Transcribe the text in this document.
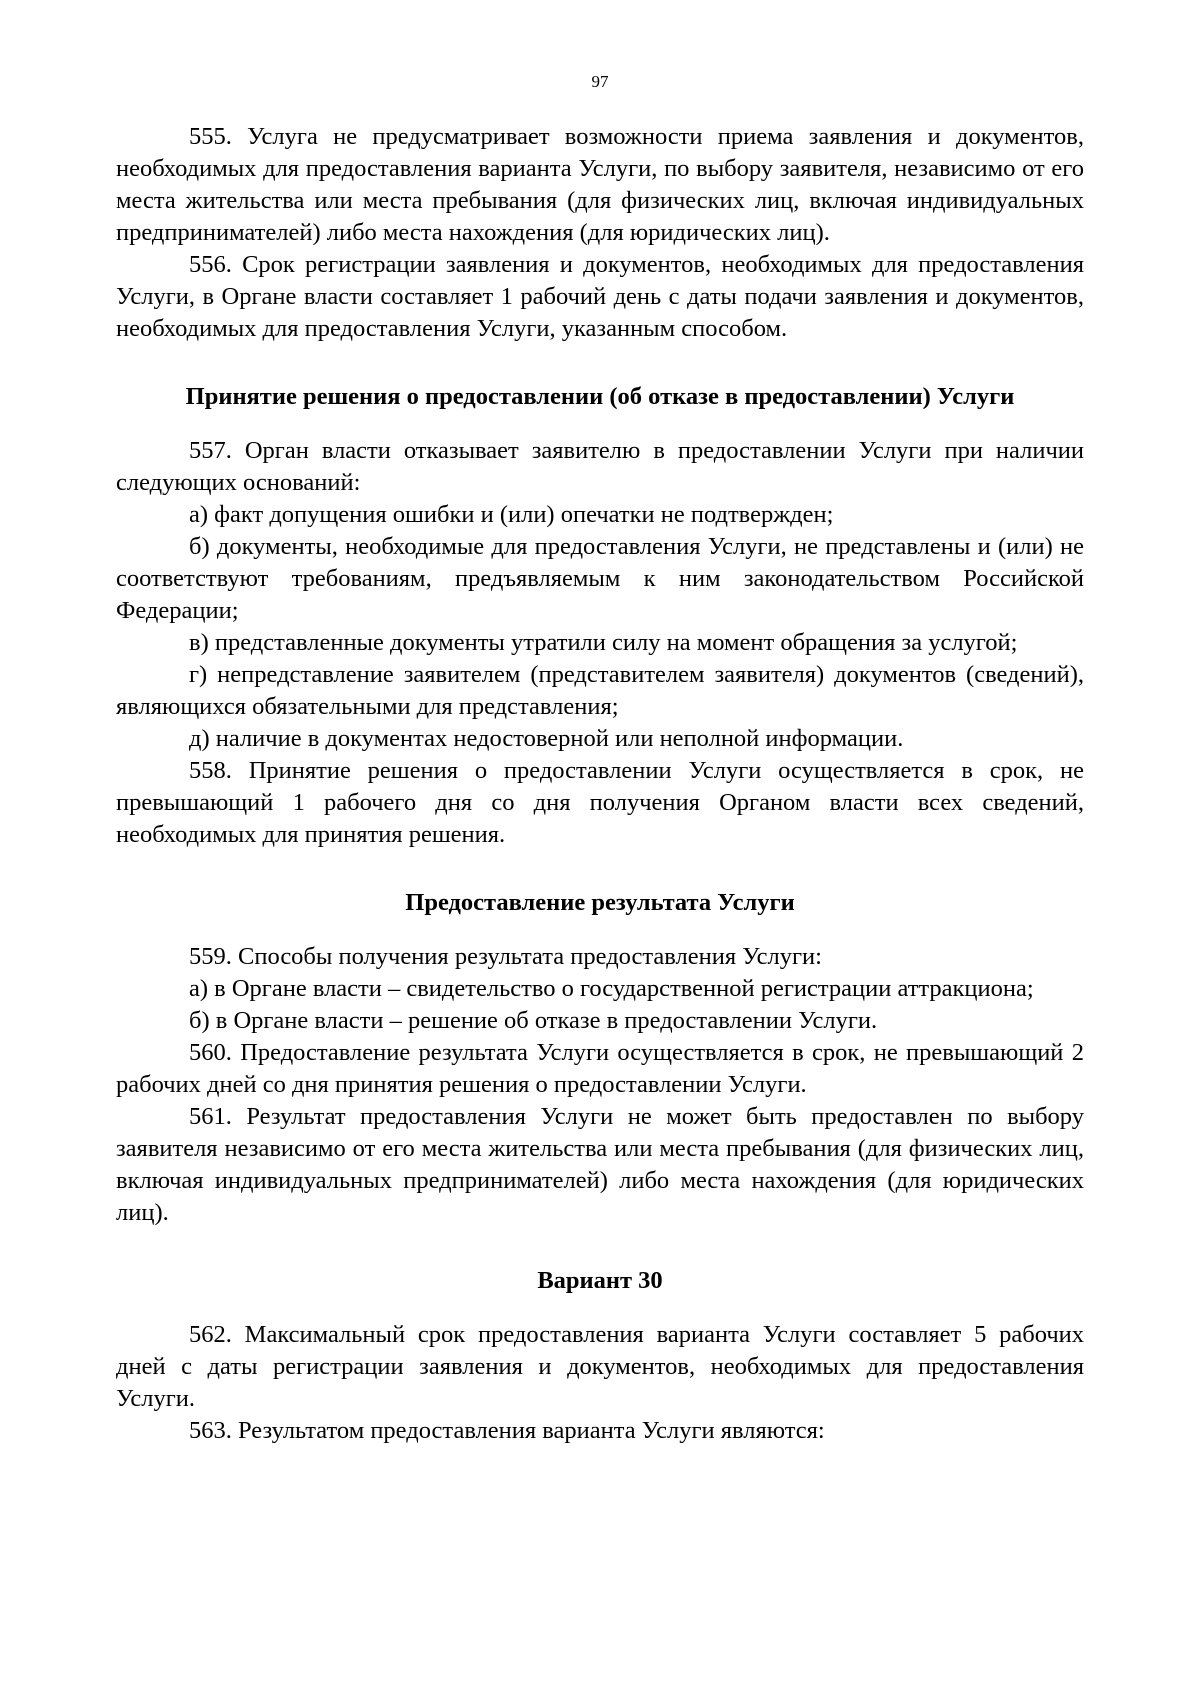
97

555. Услуга не предусматривает возможности приема заявления и документов, необходимых для предоставления варианта Услуги, по выбору заявителя, независимо от его места жительства или места пребывания (для физических лиц, включая индивидуальных предпринимателей) либо места нахождения (для юридических лиц).

556. Срок регистрации заявления и документов, необходимых для предоставления Услуги, в Органе власти составляет 1 рабочий день с даты подачи заявления и документов, необходимых для предоставления Услуги, указанным способом.

Принятие решения о предоставлении (об отказе в предоставлении) Услуги

557. Орган власти отказывает заявителю в предоставлении Услуги при наличии следующих оснований:

а) факт допущения ошибки и (или) опечатки не подтвержден;

б) документы, необходимые для предоставления Услуги, не представлены и (или) не соответствуют требованиям, предъявляемым к ним законодательством Российской Федерации;

в) представленные документы утратили силу на момент обращения за услугой;

г) непредставление заявителем (представителем заявителя) документов (сведений), являющихся обязательными для представления;

д) наличие в документах недостоверной или неполной информации.

558. Принятие решения о предоставлении Услуги осуществляется в срок, не превышающий 1 рабочего дня со дня получения Органом власти всех сведений, необходимых для принятия решения.

Предоставление результата Услуги

559. Способы получения результата предоставления Услуги:

а) в Органе власти – свидетельство о государственной регистрации аттракциона;

б) в Органе власти – решение об отказе в предоставлении Услуги.

560. Предоставление результата Услуги осуществляется в срок, не превышающий 2 рабочих дней со дня принятия решения о предоставлении Услуги.

561. Результат предоставления Услуги не может быть предоставлен по выбору заявителя независимо от его места жительства или места пребывания (для физических лиц, включая индивидуальных предпринимателей) либо места нахождения (для юридических лиц).

Вариант 30

562. Максимальный срок предоставления варианта Услуги составляет 5 рабочих дней с даты регистрации заявления и документов, необходимых для предоставления Услуги.

563. Результатом предоставления варианта Услуги являются:
